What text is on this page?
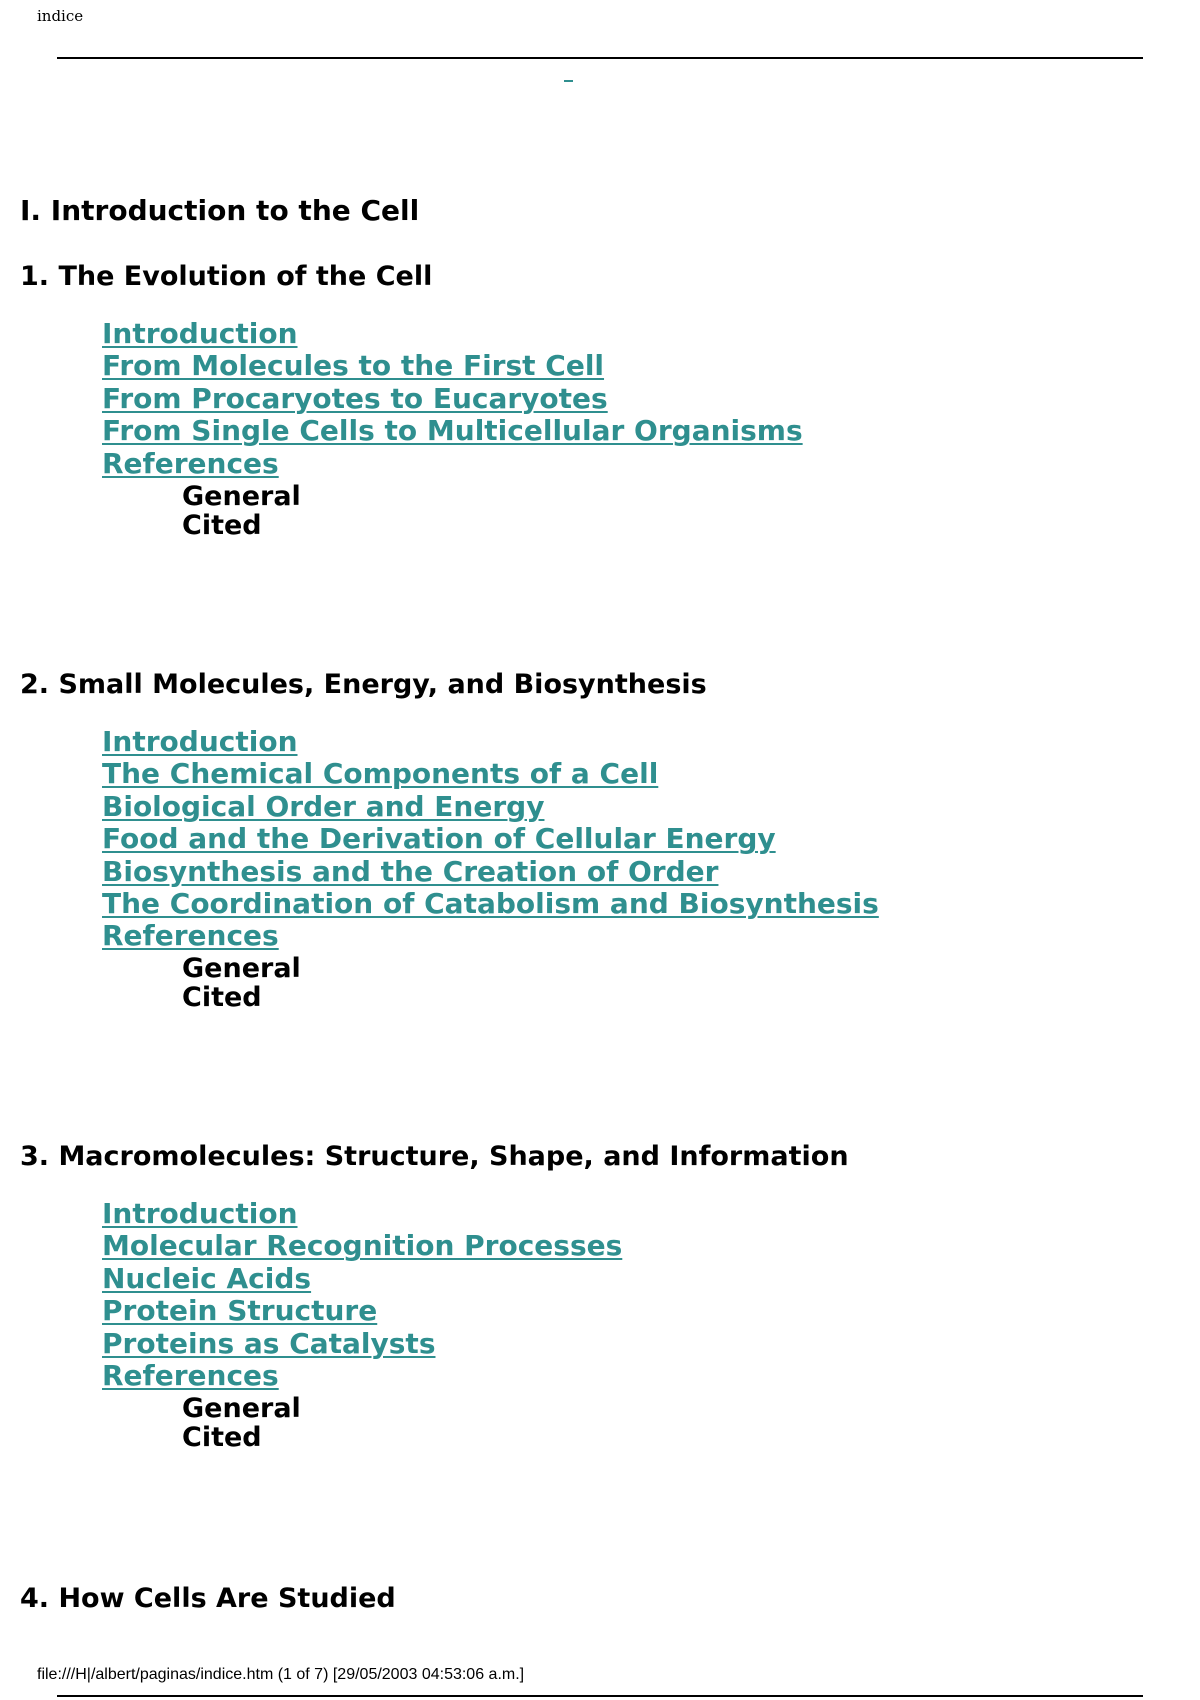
indice
I. Introduction to the Cell
1. The Evolution of the Cell
Introduction
From Molecules to the First Cell
From Procaryotes to Eucaryotes
From Single Cells to Multicellular Organisms
References
General
Cited
2. Small Molecules, Energy, and Biosynthesis
Introduction
The Chemical Components of a Cell
Biological Order and Energy
Food and the Derivation of Cellular Energy
Biosynthesis and the Creation of Order
The Coordination of Catabolism and Biosynthesis
References
General
Cited
3. Macromolecules: Structure, Shape, and Information
Introduction
Molecular Recognition Processes
Nucleic Acids
Protein Structure
Proteins as Catalysts
References
General
Cited
4. How Cells Are Studied
file:///H|/albert/paginas/indice.htm (1 of 7) [29/05/2003 04:53:06 a.m.]
